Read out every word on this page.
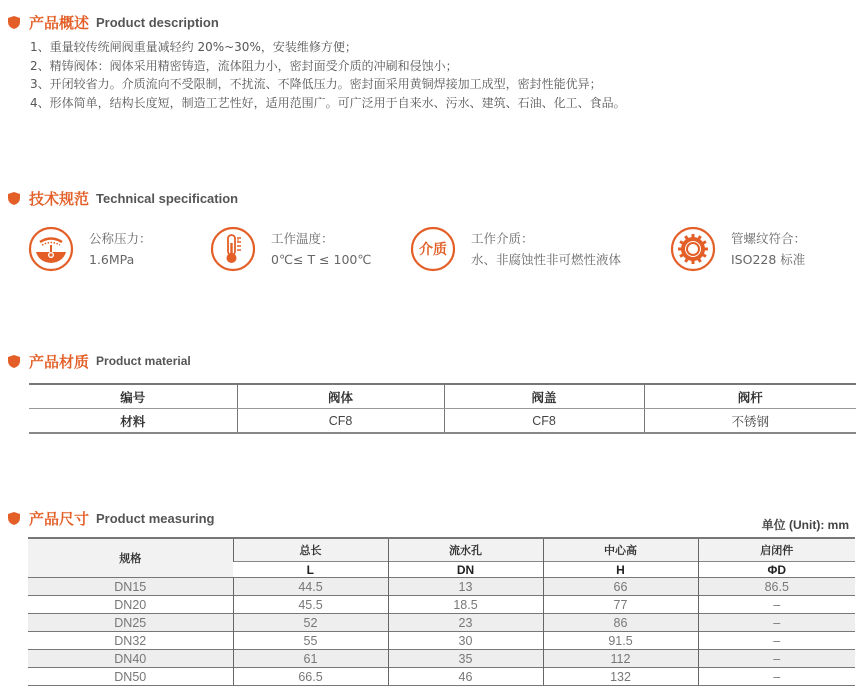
产品概述 Product description
1、重量较传统闸阀重量减轻约 20%~30%，安装维修方便；
2、精铸阀体：阀体采用精密铸造，流体阻力小，密封面受介质的冲刷和侵蚀小；
3、开闭较省力。介质流向不受限制，不扰流、不降低压力。密封面采用黄铜焊接加工成型，密封性能优异；
4、形体简单，结构长度短，制造工艺性好，适用范围广。可广泛用于自来水、污水、建筑、石油、化工、食品。
技术规范 Technical specification
公称压力：
1.6MPa
工作温度：
0℃≤ T ≤ 100℃
介质
工作介质：
水、非腐蚀性非可燃性液体
管螺纹符合：
ISO228 标准
产品材质 Product material
编号	阀体	阀盖	阀杆
材料	CF8	CF8	不锈钢
产品尺寸 Product measuring	单位 (Unit): mm
规格	总长	流水孔	中心高	启闭件
	L	DN	H	ΦD
DN15	44.5	13	66	86.5
DN20	45.5	18.5	77	–
DN25	52	23	86	–
DN32	55	30	91.5	–
DN40	61	35	112	–
DN50	66.5	46	132	–
